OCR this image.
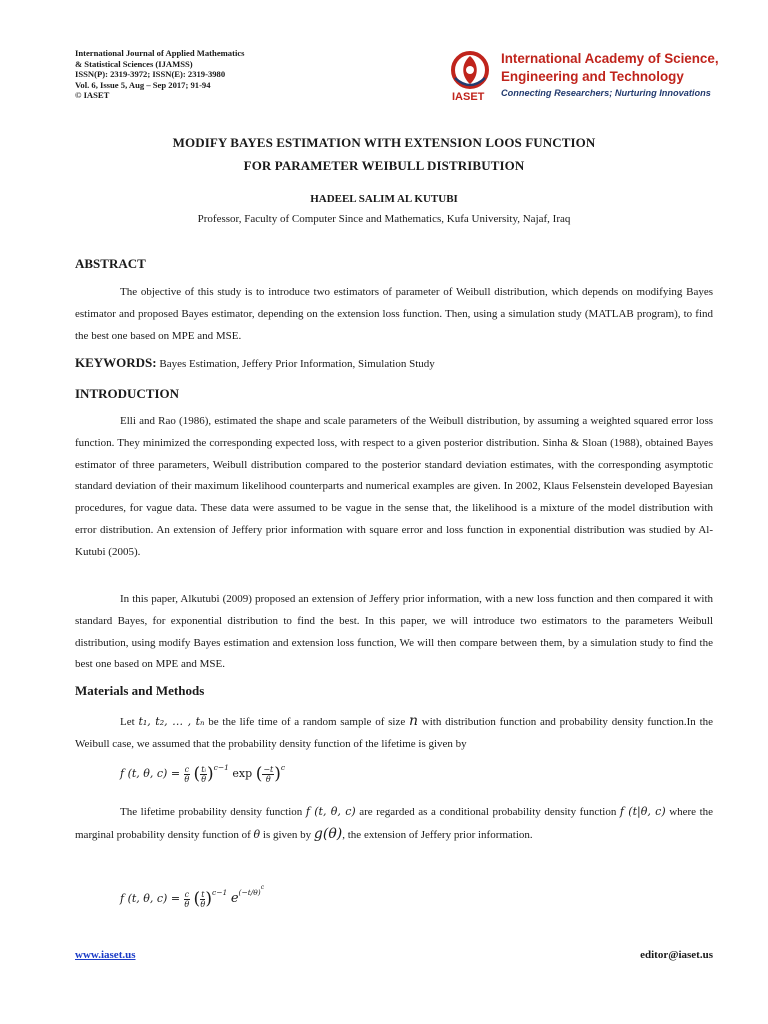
International Journal of Applied Mathematics
& Statistical Sciences (IJAMSS)
ISSN(P): 2319-3972; ISSN(E): 2319-3980
Vol. 6, Issue 5, Aug – Sep 2017; 91-94
© IASET	IASET
International Academy of Science,
Engineering and Technology
Connecting Researchers; Nurturing Innovations
MODIFY BAYES ESTIMATION WITH EXTENSION LOOS FUNCTION
FOR PARAMETER WEIBULL DISTRIBUTION
HADEEL SALIM AL KUTUBI
Professor, Faculty of Computer Since and Mathematics, Kufa University, Najaf, Iraq
ABSTRACT

The objective of this study is to introduce two estimators of parameter of Weibull distribution, which depends on modifying Bayes estimator and proposed Bayes estimator, depending on the extension loss function. Then, using a simulation study (MATLAB program), to find the best one based on MPE and MSE.

KEYWORDS: Bayes Estimation, Jeffery Prior Information, Simulation Study
INTRODUCTION

Elli and Rao (1986), estimated the shape and scale parameters of the Weibull distribution, by assuming a weighted squared error loss function. They minimized the corresponding expected loss, with respect to a given posterior distribution. Sinha & Sloan (1988), obtained Bayes estimator of three parameters, Weibull distribution compared to the posterior standard deviation estimates, with the corresponding asymptotic standard deviation of their maximum likelihood counterparts and numerical examples are given. In 2002, Klaus Felsenstein developed Bayesian procedures, for vague data. These data were assumed to be vague in the sense that, the likelihood is a mixture of the model distribution with error distribution. An extension of Jeffery prior information with square error and loss function in exponential distribution was studied by Al-Kutubi (2005).

In this paper, Alkutubi (2009) proposed an extension of Jeffery prior information, with a new loss function and then compared it with standard Bayes, for exponential distribution to find the best. In this paper, we will introduce two estimators to the parameters Weibull distribution, using modify Bayes estimation and extension loss function, We will then compare between them, by a simulation study to find the best one based on MPE and MSE.

Materials and Methods

Let t₁, t₂, … , tₙ be the life time of a random sample of size n with distribution function and probability density function.In the Weibull case, we assumed that the probability density function of the lifetime is given by

f (t, θ, $c) = \frac{c}{\theta}$ ( $\frac{\text{tᵢ}}{\theta} )^{c-1}$ exp ( $\frac{-t}{\theta} )^c$

The lifetime probability density function f (t, θ, c) are regarded as a conditional probability density function f (t|θ, c) where the marginal probability density function of θ is given by g(θ), the extension of Jeffery prior information.

f (t, θ, $c) = \frac{c}{\theta}$ ( $\frac{t}{\theta} )^{c-1}$ $e^{(-t/\theta)c}$
www.iaset.us	editor@iaset.us
